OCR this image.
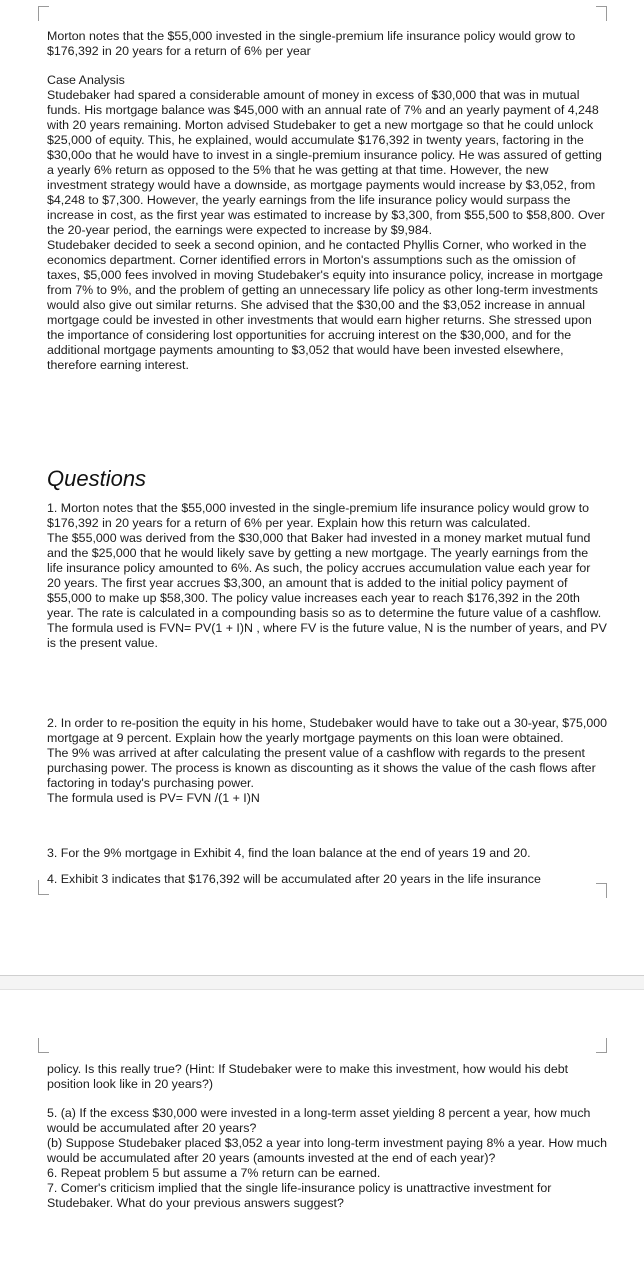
Morton notes that the $55,000 invested in the single-premium life insurance policy would grow to $176,392 in 20 years for a return of 6% per year

Case Analysis

Studebaker had spared a considerable amount of money in excess of $30,000 that was in mutual funds. His mortgage balance was $45,000 with an annual rate of 7% and an yearly payment of 4,248 with 20 years remaining. Morton advised Studebaker to get a new mortgage so that he could unlock $25,000 of equity. This, he explained, would accumulate $176,392 in twenty years, factoring in the $30,00o that he would have to invest in a single-premium insurance policy. He was assured of getting a yearly 6% return as opposed to the 5% that he was getting at that time. However, the new investment strategy would have a downside, as mortgage payments would increase by $3,052, from $4,248 to $7,300. However, the yearly earnings from the life insurance policy would surpass the increase in cost, as the first year was estimated to increase by $3,300, from $55,500 to $58,800. Over the 20-year period, the earnings were expected to increase by $9,984.

Studebaker decided to seek a second opinion, and he contacted Phyllis Corner, who worked in the economics department. Corner identified errors in Morton's assumptions such as the omission of taxes, $5,000 fees involved in moving Studebaker's equity into insurance policy, increase in mortgage from 7% to 9%, and the problem of getting an unnecessary life policy as other long-term investments would also give out similar returns. She advised that the $30,00 and the $3,052 increase in annual mortgage could be invested in other investments that would earn higher returns. She stressed upon the importance of considering lost opportunities for accruing interest on the $30,000, and for the additional mortgage payments amounting to $3,052 that would have been invested elsewhere, therefore earning interest.

Questions

1. Morton notes that the $55,000 invested in the single-premium life insurance policy would grow to $176,392 in 20 years for a return of 6% per year. Explain how this return was calculated.

The $55,000 was derived from the $30,000 that Baker had invested in a money market mutual fund and the $25,000 that he would likely save by getting a new mortgage. The yearly earnings from the life insurance policy amounted to 6%. As such, the policy accrues accumulation value each year for 20 years. The first year accrues $3,300, an amount that is added to the initial policy payment of $55,000 to make up $58,300. The policy value increases each year to reach $176,392 in the 20th year. The rate is calculated in a compounding basis so as to determine the future value of a cashflow. The formula used is FVN= PV(1 + I)N , where FV is the future value, N is the number of years, and PV is the present value.

2. In order to re-position the equity in his home, Studebaker would have to take out a 30-year, $75,000 mortgage at 9 percent. Explain how the yearly mortgage payments on this loan were obtained.

The 9% was arrived at after calculating the present value of a cashflow with regards to the present purchasing power. The process is known as discounting as it shows the value of the cash flows after factoring in today's purchasing power.

The formula used is PV= FVN /(1 + I)N

3. For the 9% mortgage in Exhibit 4, find the loan balance at the end of years 19 and 20.
4. Exhibit 3 indicates that $176,392 will be accumulated after 20 years in the life insurance
policy. Is this really true? (Hint: If Studebaker were to make this investment, how would his debt position look like in 20 years?)

5. (a) If the excess $30,000 were invested in a long-term asset yielding 8 percent a year, how much would be accumulated after 20 years?

(b) Suppose Studebaker placed $3,052 a year into long-term investment paying 8% a year. How much would be accumulated after 20 years (amounts invested at the end of each year)?

6. Repeat problem 5 but assume a 7% return can be earned.

7. Comer's criticism implied that the single life-insurance policy is unattractive investment for Studebaker. What do your previous answers suggest?
